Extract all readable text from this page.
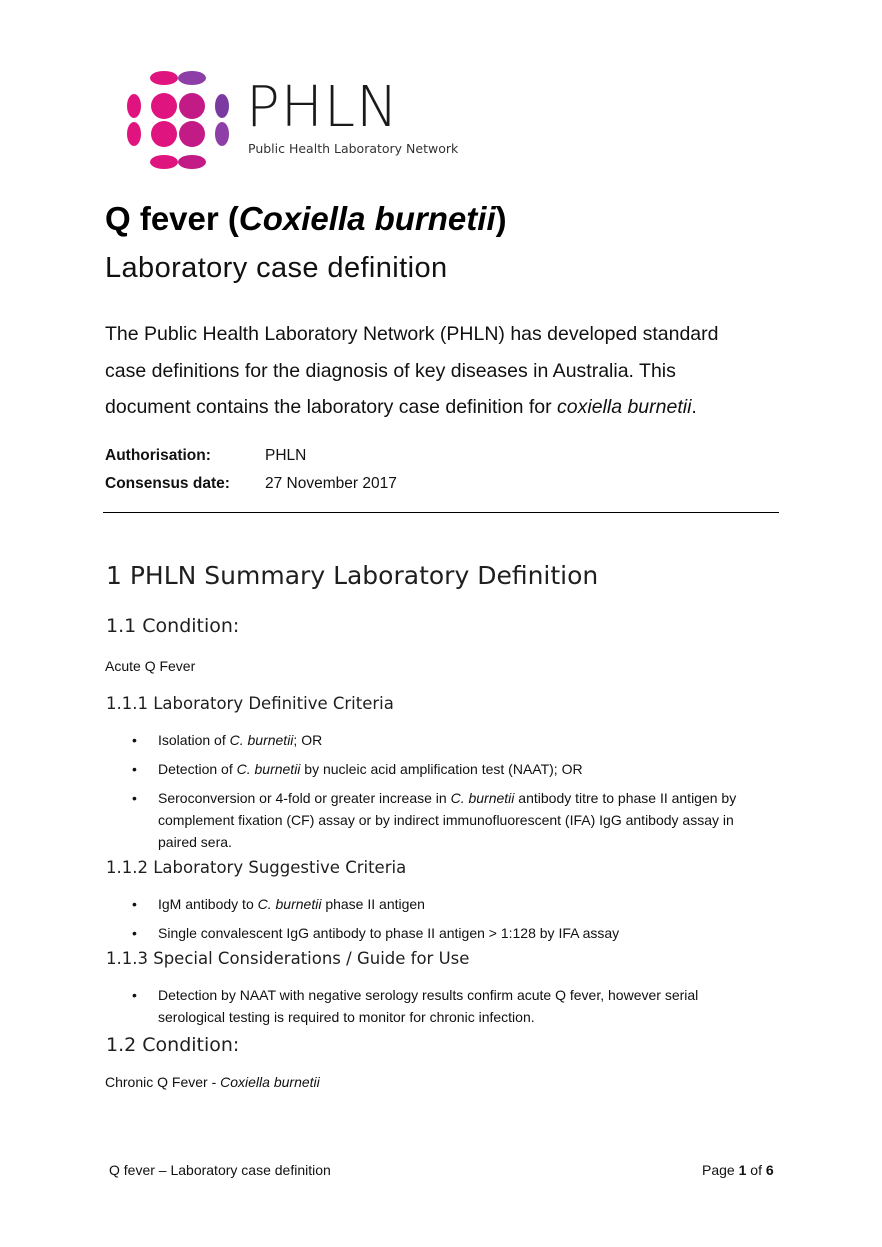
PHLN
Public Health Laboratory Network
Q fever (Coxiella burnetii)
Laboratory case definition
The Public Health Laboratory Network (PHLN) has developed standard
case definitions for the diagnosis of key diseases in Australia. This
document contains the laboratory case definition for coxiella burnetii.
Authorisation:	PHLN
Consensus date: 27 November 2017
1 PHLN Summary Laboratory Definition
1.1 Condition:
Acute Q Fever
1.1.1 Laboratory Definitive Criteria
• Isolation of C. burnetii; OR
• Detection of C. burnetii by nucleic acid amplification test (NAAT); OR
• Seroconversion or 4-fold or greater increase in C. burnetii antibody titre to phase II antigen by
complement fixation (CF) assay or by indirect immunofluorescent (IFA) IgG antibody assay in
paired sera.
1.1.2 Laboratory Suggestive Criteria
• IgM antibody to C. burnetii phase II antigen
• Single convalescent IgG antibody to phase II antigen > 1:128 by IFA assay
1.1.3 Special Considerations / Guide for Use
• Detection by NAAT with negative serology results confirm acute Q fever, however serial
serological testing is required to monitor for chronic infection.
1.2 Condition:
Chronic Q Fever - Coxiella burnetii
Q fever – Laboratory case definition	Page 1 of 6
